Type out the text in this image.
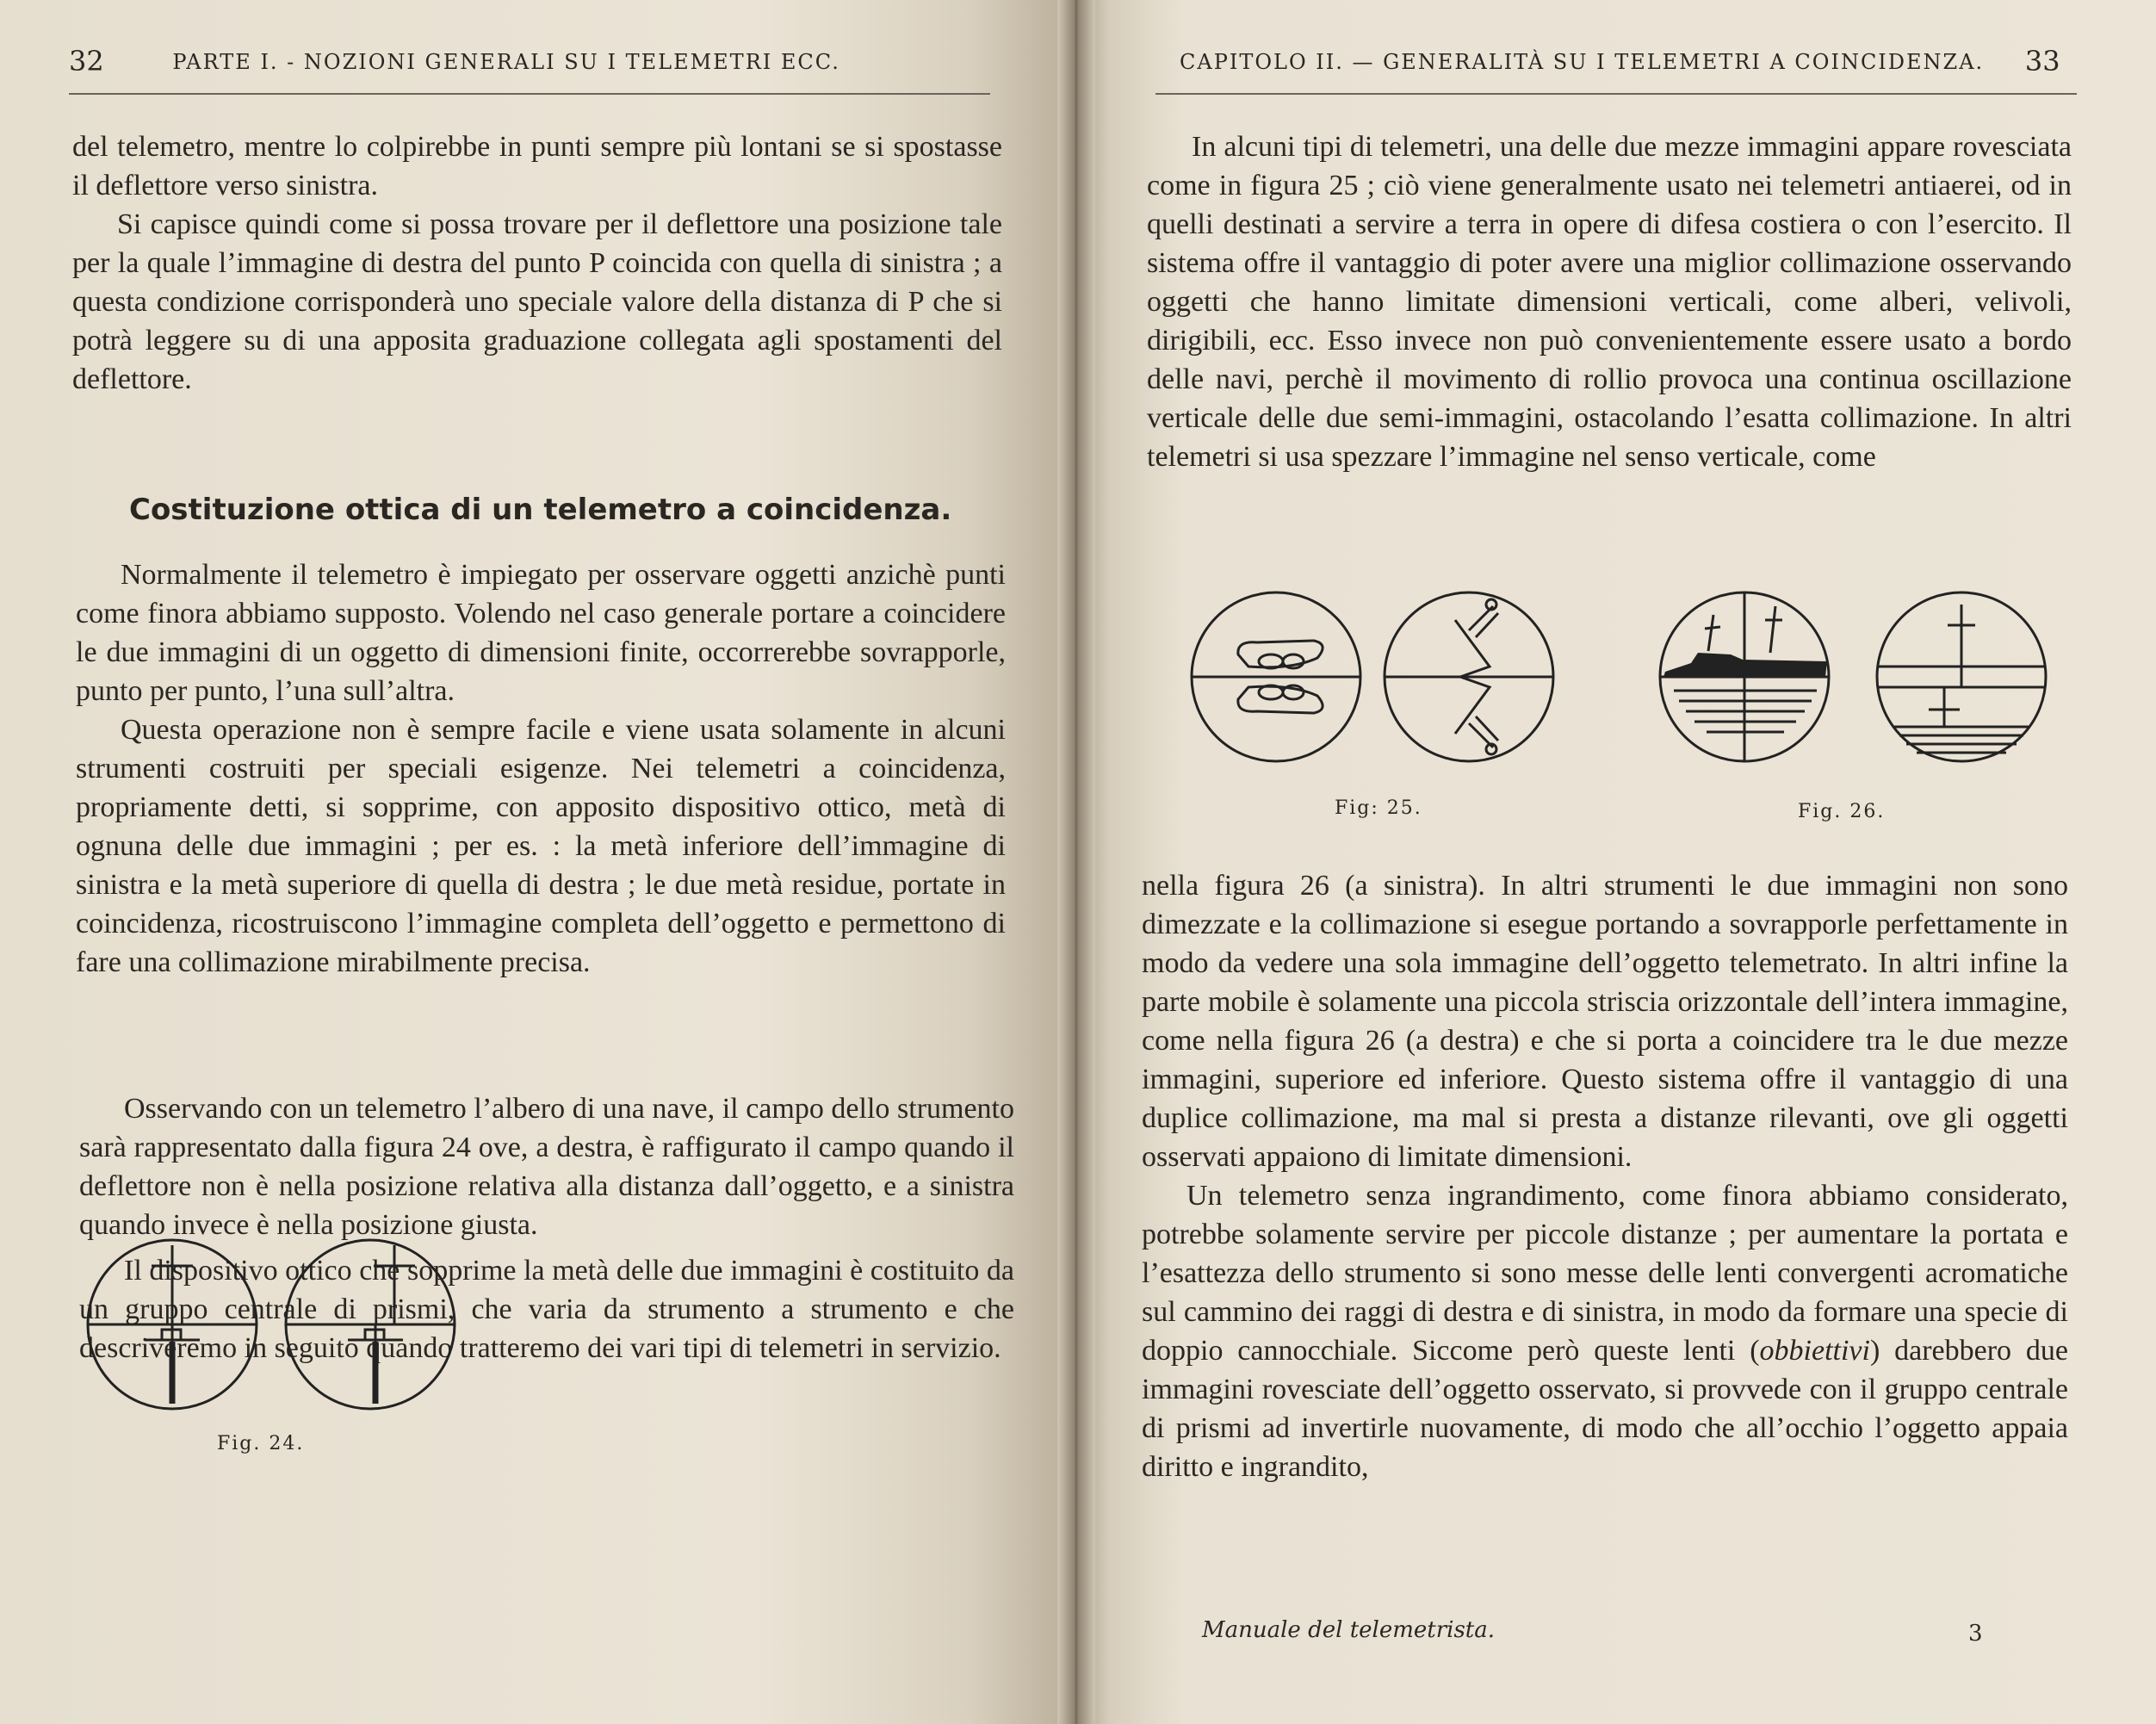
32	PARTE I. - NOZIONI GENERALI SU I TELEMETRI ECC.

del telemetro, mentre lo colpirebbe in punti sempre più lontani se si spostasse il deflettore verso sinistra.

Si capisce quindi come si possa trovare per il deflettore una posizione tale per la quale l’immagine di destra del punto P coincida con quella di sinistra ; a questa condizione corrisponderà uno speciale valore della distanza di P che si potrà leggere su di una apposita graduazione collegata agli spostamenti del deflettore.

Costituzione ottica di un telemetro a coincidenza.

Normalmente il telemetro è impiegato per osservare oggetti anzichè punti come finora abbiamo supposto. Volendo nel caso generale portare a coincidere le due immagini di un oggetto di dimensioni finite, occorrerebbe sovrapporle, punto per punto, l’una sull’altra.

Questa operazione non è sempre facile e viene usata solamente in alcuni strumenti costruiti per speciali esigenze. Nei telemetri a coincidenza, propriamente detti, si sopprime, con apposito dispositivo ottico, metà di ognuna delle due immagini ; per es. : la metà inferiore dell’immagine di sinistra e la metà superiore di quella di destra ; le due metà residue, portate in coincidenza, ricostruiscono l’immagine completa dell’oggetto e permettono di fare una collimazione mirabilmente precisa.

Osservando con un telemetro l’albero di una nave, il campo dello strumento sarà rappresentato dalla figura 24 ove, a destra, è raffigurato il campo quando il deflettore non è nella posizione relativa alla distanza dall’oggetto, e a sinistra quando invece è nella posizione giusta.

Il dispositivo ottico che sopprime la metà delle due immagini è costituito da un gruppo centrale di prismi, che varia da strumento a strumento e che descriveremo in seguito quando tratteremo dei vari tipi di telemetri in servizio.

Fig. 24.
CAPITOLO II. — GENERALITÀ SU I TELEMETRI A COINCIDENZA. 33

In alcuni tipi di telemetri, una delle due mezze immagini appare rovesciata come in figura 25 ; ciò viene generalmente usato nei telemetri antiaerei, od in quelli destinati a servire a terra in opere di difesa costiera o con l’esercito. Il sistema offre il vantaggio di poter avere una miglior collimazione osservando oggetti che hanno limitate dimensioni verticali, come alberi, velivoli, dirigibili, ecc. Esso invece non può convenientemente essere usato a bordo delle navi, perchè il movimento di rollio provoca una continua oscillazione verticale delle due semi-immagini, ostacolando l’esatta collimazione. In altri telemetri si usa spezzare l’immagine nel senso verticale, come

Fig: 25.	Fig. 26.

nella figura 26 (a sinistra). In altri strumenti le due immagini non sono dimezzate e la collimazione si esegue portando a sovrapporle perfettamente in modo da vedere una sola immagine dell’oggetto telemetrato. In altri infine la parte mobile è solamente una piccola striscia orizzontale dell’intera immagine, come nella figura 26 (a destra) e che si porta a coincidere tra le due mezze immagini, superiore ed inferiore. Questo sistema offre il vantaggio di una duplice collimazione, ma mal si presta a distanze rilevanti, ove gli oggetti osservati appaiono di limitate dimensioni.

Un telemetro senza ingrandimento, come finora abbiamo considerato, potrebbe solamente servire per piccole distanze ; per aumentare la portata e l’esattezza dello strumento si sono messe delle lenti convergenti acromatiche sul cammino dei raggi di destra e di sinistra, in modo da formare una specie di doppio cannocchiale. Siccome però queste lenti (obbiettivi) darebbero due immagini rovesciate dell’oggetto osservato, si provvede con il gruppo centrale di prismi ad invertirle nuovamente, di modo che all’occhio l’oggetto appaia diritto e ingrandito,

Manuale del telemetrista.	3
